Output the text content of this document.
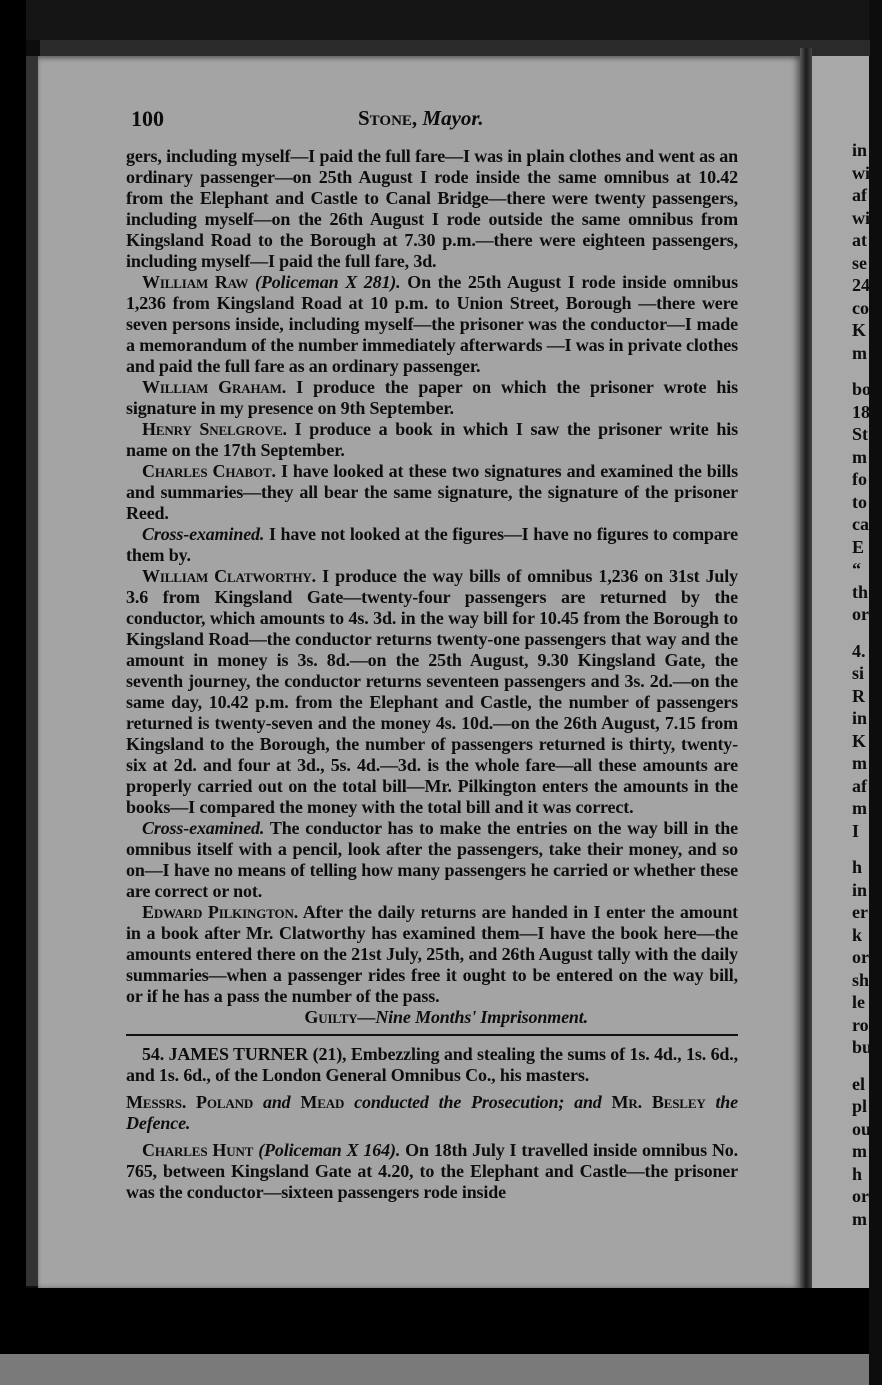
100	Stone, Mayor.

gers, including myself—I paid the full fare—I was in plain clothes and went as an ordinary passenger—on 25th August I rode inside the same omnibus at 10.42 from the Elephant and Castle to Canal Bridge—there were twenty passengers, including myself—on the 26th August I rode outside the same omnibus from Kingsland Road to the Borough at 7.30 p.m.—there were eighteen passengers, including myself—I paid the full fare, 3d.

William Raw (Policeman X 281). On the 25th August I rode inside omnibus 1,236 from Kingsland Road at 10 p.m. to Union Street, Borough —there were seven persons inside, including myself—the prisoner was the conductor—I made a memorandum of the number immediately afterwards —I was in private clothes and paid the full fare as an ordinary passenger.

William Graham. I produce the paper on which the prisoner wrote his signature in my presence on 9th September.

Henry Snelgrove. I produce a book in which I saw the prisoner write his name on the 17th September.

Charles Chabot. I have looked at these two signatures and examined the bills and summaries—they all bear the same signature, the signature of the prisoner Reed.

Cross-examined. I have not looked at the figures—I have no figures to compare them by.

William Clatworthy. I produce the way bills of omnibus 1,236 on 31st July 3.6 from Kingsland Gate—twenty-four passengers are returned by the conductor, which amounts to 4s. 3d. in the way bill for 10.45 from the Borough to Kingsland Road—the conductor returns twenty-one passengers that way and the amount in money is 3s. 8d.—on the 25th August, 9.30 Kingsland Gate, the seventh journey, the conductor returns seventeen passengers and 3s. 2d.—on the same day, 10.42 p.m. from the Elephant and Castle, the number of passengers returned is twenty-seven and the money 4s. 10d.—on the 26th August, 7.15 from Kingsland to the Borough, the number of passengers returned is thirty, twenty-six at 2d. and four at 3d., 5s. 4d.—3d. is the whole fare—all these amounts are properly carried out on the total bill—Mr. Pilkington enters the amounts in the books—I compared the money with the total bill and it was correct.

Cross-examined. The conductor has to make the entries on the way bill in the omnibus itself with a pencil, look after the passengers, take their money, and so on—I have no means of telling how many passengers he carried or whether these are correct or not.

Edward Pilkington. After the daily returns are handed in I enter the amount in a book after Mr. Clatworthy has examined them—I have the book here—the amounts entered there on the 21st July, 25th, and 26th August tally with the daily summaries—when a passenger rides free it ought to be entered on the way bill, or if he has a pass the number of the pass.

Guilty—Nine Months' Imprisonment.

54. JAMES TURNER (21), Embezzling and stealing the sums of 1s. 4d., 1s. 6d., and 1s. 6d., of the London General Omnibus Co., his masters.

Messrs. Poland and Mead conducted the Prosecution; and Mr. Besley the Defence.

Charles Hunt (Policeman X 164). On 18th July I travelled inside omnibus No. 765, between Kingsland Gate at 4.20, to the Elephant and Castle—the prisoner was the conductor—sixteen passengers rode inside

in
wi
af
wi
at
se
24
co
K
m
bo
18
St
m
fo
to
ca
E
“
th
or
4.
si
R
in
K
m
af
m
I
h
in
er
k
or
sh
le
ro
bu
el
pl
ou
m
h
or
m
